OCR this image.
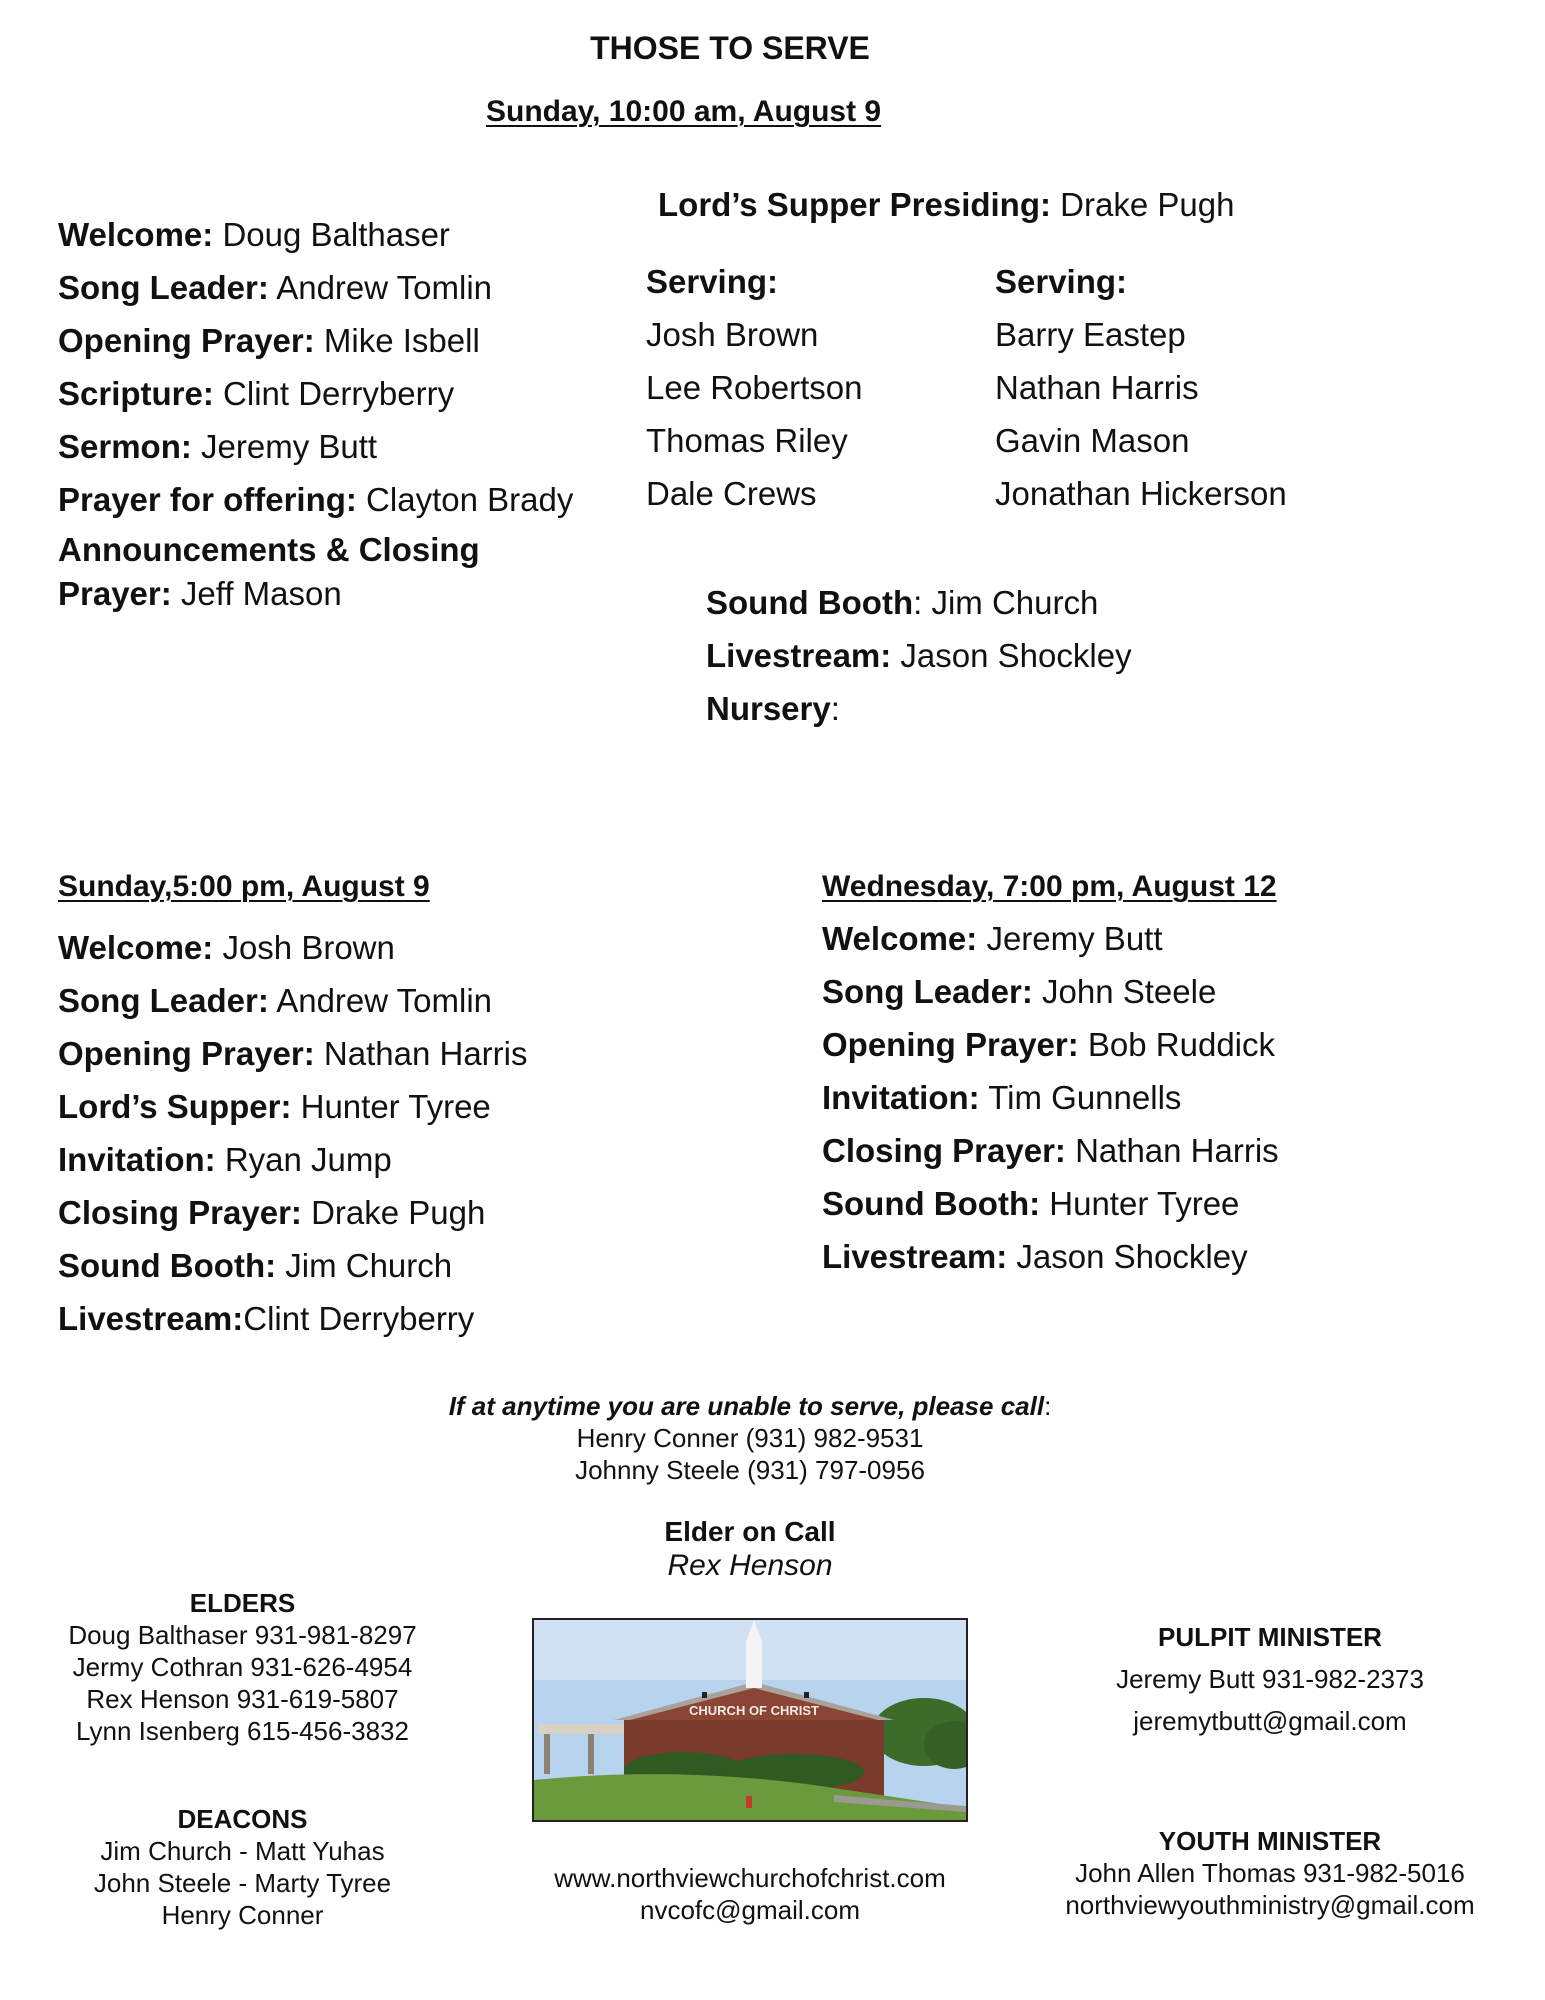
THOSE TO SERVE
Sunday, 10:00 am, August 9
Welcome: Doug Balthaser
Song Leader: Andrew Tomlin
Opening Prayer: Mike Isbell
Scripture: Clint Derryberry
Sermon: Jeremy Butt
Prayer for offering: Clayton Brady
Announcements & Closing
Prayer: Jeff Mason
Lord’s Supper Presiding: Drake Pugh
Serving:
Josh Brown
Lee Robertson
Thomas Riley
Dale Crews
Serving:
Barry Eastep
Nathan Harris
Gavin Mason
Jonathan Hickerson
Sound Booth: Jim Church
Livestream: Jason Shockley
Nursery:
Sunday,5:00 pm, August 9
Welcome: Josh Brown
Song Leader: Andrew Tomlin
Opening Prayer: Nathan Harris
Lord’s Supper: Hunter Tyree
Invitation: Ryan Jump
Closing Prayer: Drake Pugh
Sound Booth: Jim Church
Livestream:Clint Derryberry
Wednesday, 7:00 pm, August 12
Welcome: Jeremy Butt
Song Leader: John Steele
Opening Prayer: Bob Ruddick
Invitation: Tim Gunnells
Closing Prayer: Nathan Harris
Sound Booth: Hunter Tyree
Livestream: Jason Shockley
If at anytime you are unable to serve, please call:
Henry Conner (931) 982-9531
Johnny Steele (931) 797-0956
Elder on Call
Rex Henson
ELDERS
Doug Balthaser 931-981-8297
Jermy Cothran 931-626-4954
Rex Henson 931-619-5807
Lynn Isenberg 615-456-3832
DEACONS
Jim Church - Matt Yuhas
John Steele - Marty Tyree
Henry Conner
CHURCH OF CHRIST
www.northviewchurchofchrist.com
nvcofc@gmail.com
PULPIT MINISTER
Jeremy Butt 931-982-2373
jeremytbutt@gmail.com
YOUTH MINISTER
John Allen Thomas 931-982-5016
northviewyouthministry@gmail.com
